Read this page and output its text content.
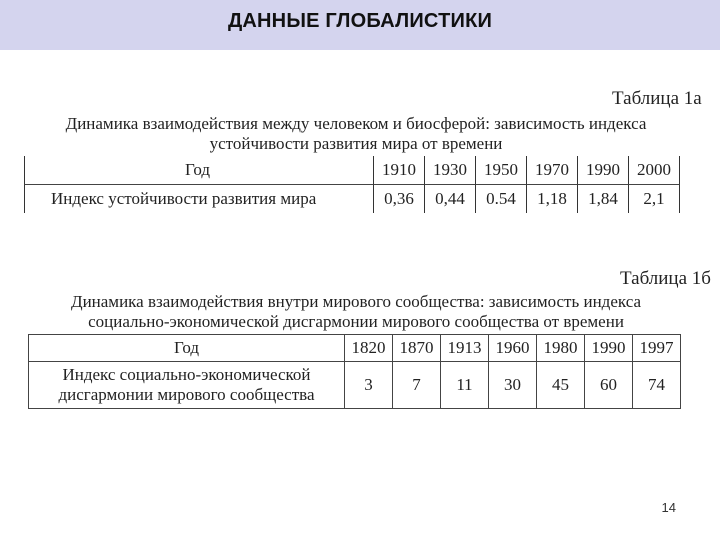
ДАННЫЕ ГЛОБАЛИСТИКИ
Таблица 1а
Динамика взаимодействия между человеком и биосферой: зависимость индекса
устойчивости развития мира от времени
Год	1910	1930	1950	1970	1990	2000
Индекс устойчивости развития мира	0,36	0,44	0.54	1,18	1,84	2,1
Таблица 1б
Динамика взаимодействия внутри мирового сообщества: зависимость индекса
социально-экономической дисгармонии мирового сообщества от времени
Год	1820	1870	1913	1960	1980	1990	1997
Индекс социально-экономической
дисгармонии мирового сообщества	3	7	11	30	45	60	74
14
